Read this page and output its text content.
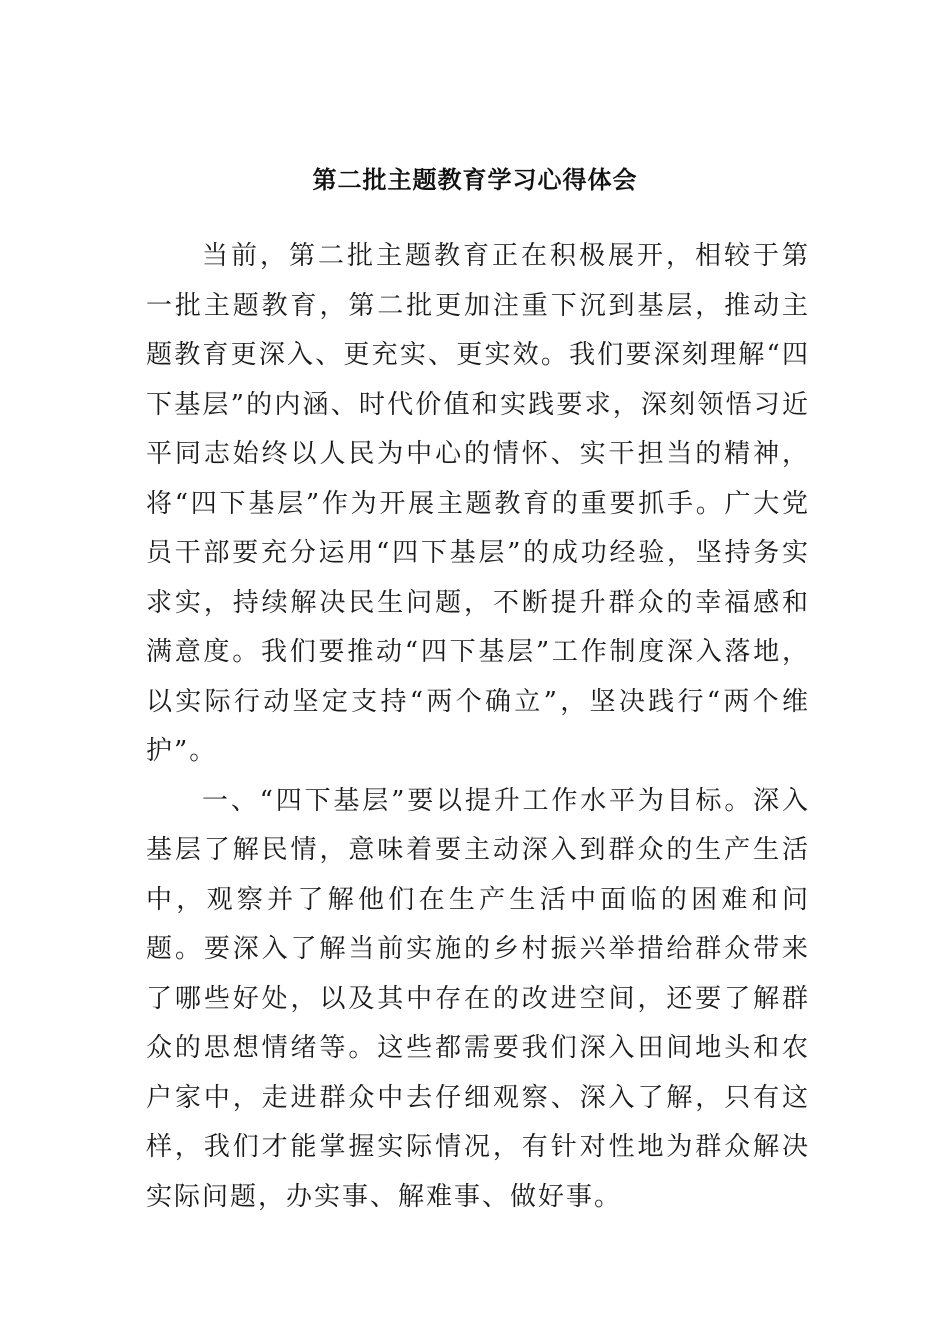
第二批主题教育学习心得体会

当前，第二批主题教育正在积极展开，相较于第一批主题教育，第二批更加注重下沉到基层，推动主题教育更深入、更充实、更实效。我们要深刻理解“四下基层”的内涵、时代价值和实践要求，深刻领悟习近平同志始终以人民为中心的情怀、实干担当的精神，将“四下基层”作为开展主题教育的重要抓手。广大党员干部要充分运用“四下基层”的成功经验，坚持务实求实，持续解决民生问题，不断提升群众的幸福感和满意度。我们要推动“四下基层”工作制度深入落地，以实际行动坚定支持“两个确立”，坚决践行“两个维护”。

一、“四下基层”要以提升工作水平为目标。深入基层了解民情，意味着要主动深入到群众的生产生活中，观察并了解他们在生产生活中面临的困难和问题。要深入了解当前实施的乡村振兴举措给群众带来了哪些好处，以及其中存在的改进空间，还要了解群众的思想情绪等。这些都需要我们深入田间地头和农户家中，走进群众中去仔细观察、深入了解，只有这样，我们才能掌握实际情况，有针对性地为群众解决实际问题，办实事、解难事、做好事。
